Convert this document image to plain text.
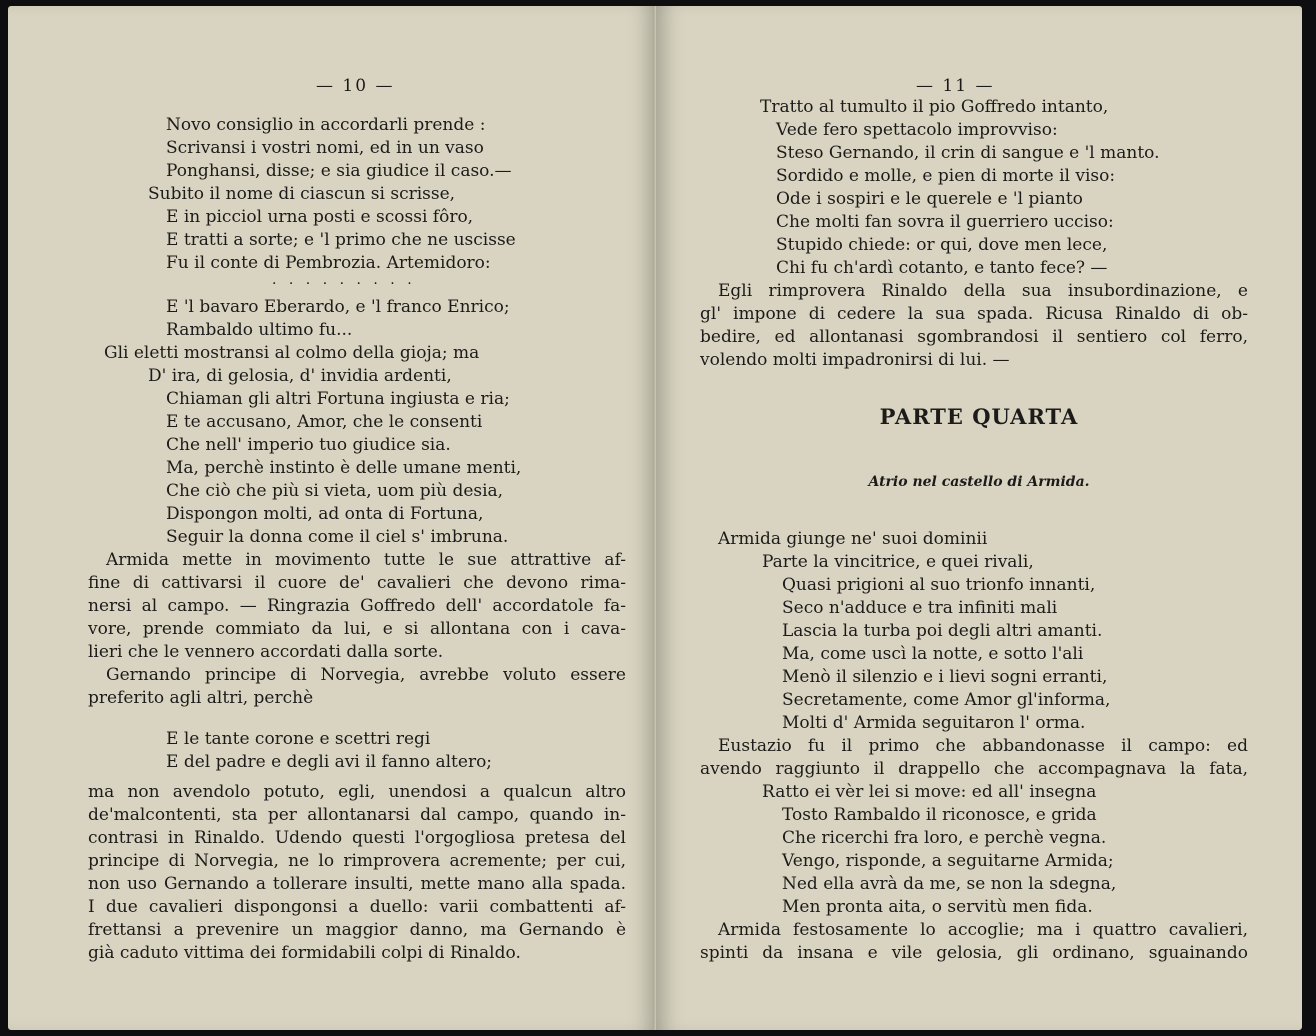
— 10 —
· · · · · · · · ·
Novo consiglio in accordarli prende :
Scrivansi i vostri nomi, ed in un vaso
Ponghansi, disse; e sia giudice il caso.—
Subito il nome di ciascun si scrisse,
E in picciol urna posti e scossi fôro,
E tratti a sorte; e 'l primo che ne uscisse
Fu il conte di Pembrozia. Artemidoro:
E 'l bavaro Eberardo, e 'l franco Enrico;
Rambaldo ultimo fu...
Gli eletti mostransi al colmo della gioja; ma
D' ira, di gelosia, d' invidia ardenti,
Chiaman gli altri Fortuna ingiusta e ria;
E te accusano, Amor, che le consenti
Che nell' imperio tuo giudice sia.
Ma, perchè instinto è delle umane menti,
Che ciò che più si vieta, uom più desia,
Dispongon molti, ad onta di Fortuna,
Seguir la donna come il ciel s' imbruna.
Armida mette in movimento tutte le sue attrattive af-
fine di cattivarsi il cuore de' cavalieri che devono rima-
nersi al campo. — Ringrazia Goffredo dell' accordatole fa-
vore, prende commiato da lui, e si allontana con i cava-
lieri che le vennero accordati dalla sorte.
Gernando principe di Norvegia, avrebbe voluto essere
preferito agli altri, perchè
E le tante corone e scettri regi
E del padre e degli avi il fanno altero;
ma non avendolo potuto, egli, unendosi a qualcun altro
de'malcontenti, sta per allontanarsi dal campo, quando in-
contrasi in Rinaldo. Udendo questi l'orgogliosa pretesa del
principe di Norvegia, ne lo rimprovera acremente; per cui,
non uso Gernando a tollerare insulti, mette mano alla spada.
I due cavalieri dispongonsi a duello: varii combattenti af-
frettansi a prevenire un maggior danno, ma Gernando è
già caduto vittima dei formidabili colpi di Rinaldo.
— 11 —
Tratto al tumulto il pio Goffredo intanto,
Vede fero spettacolo improvviso:
Steso Gernando, il crin di sangue e 'l manto.
Sordido e molle, e pien di morte il viso:
Ode i sospiri e le querele e 'l pianto
Che molti fan sovra il guerriero ucciso:
Stupido chiede: or qui, dove men lece,
Chi fu ch'ardì cotanto, e tanto fece? —
Egli rimprovera Rinaldo della sua insubordinazione, e
gl' impone di cedere la sua spada. Ricusa Rinaldo di ob-
bedire, ed allontanasi sgombrandosi il sentiero col ferro,
volendo molti impadronirsi di lui. —
PARTE QUARTA
Atrio nel castello di Armida.
Armida giunge ne' suoi dominii
Parte la vincitrice, e quei rivali,
Quasi prigioni al suo trionfo innanti,
Seco n'adduce e tra infiniti mali
Lascia la turba poi degli altri amanti.
Ma, come uscì la notte, e sotto l'ali
Menò il silenzio e i lievi sogni erranti,
Secretamente, come Amor gl'informa,
Molti d' Armida seguitaron l' orma.
Eustazio fu il primo che abbandonasse il campo: ed
avendo raggiunto il drappello che accompagnava la fata,
Ratto ei vèr lei si move: ed all' insegna
Tosto Rambaldo il riconosce, e grida
Che ricerchi fra loro, e perchè vegna.
Vengo, risponde, a seguitarne Armida;
Ned ella avrà da me, se non la sdegna,
Men pronta aita, o servitù men fida.
Armida festosamente lo accoglie; ma i quattro cavalieri,
spinti da insana e vile gelosia, gli ordinano, sguainando
